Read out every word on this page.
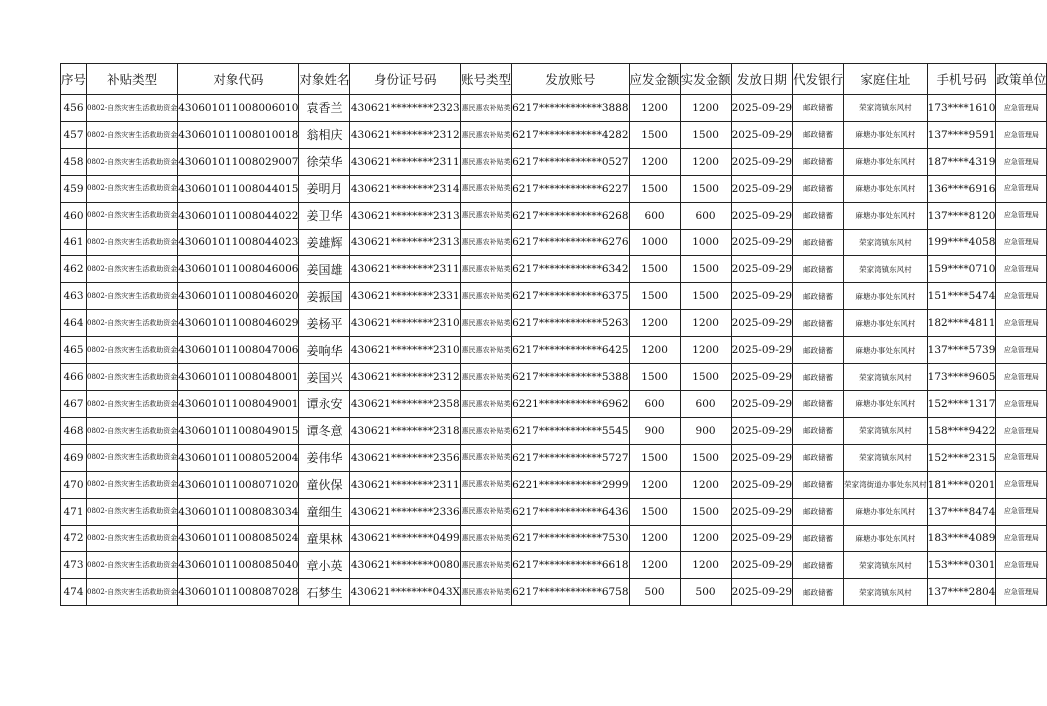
序号	补贴类型	对象代码	对象姓名	身份证号码	账号类型	发放账号	应发金额	实发金额	发放日期	代发银行	家庭住址	手机号码	政策单位
456	0802-自然灾害生活救助资金	430601011008006010	袁香兰	430621********2323	惠民惠农补贴类	6217************3888	1200	1200	2025-09-29	邮政储蓄	荣家湾镇东风村	173****1610	应急管理局
457	0802-自然灾害生活救助资金	430601011008010018	翁相庆	430621********2312	惠民惠农补贴类	6217************4282	1500	1500	2025-09-29	邮政储蓄	麻塘办事处东风村	137****9591	应急管理局
458	0802-自然灾害生活救助资金	430601011008029007	徐荣华	430621********2311	惠民惠农补贴类	6217************0527	1200	1200	2025-09-29	邮政储蓄	麻塘办事处东风村	187****4319	应急管理局
459	0802-自然灾害生活救助资金	430601011008044015	姜明月	430621********2314	惠民惠农补贴类	6217************6227	1500	1500	2025-09-29	邮政储蓄	麻塘办事处东风村	136****6916	应急管理局
460	0802-自然灾害生活救助资金	430601011008044022	姜卫华	430621********2313	惠民惠农补贴类	6217************6268	600	600	2025-09-29	邮政储蓄	麻塘办事处东风村	137****8120	应急管理局
461	0802-自然灾害生活救助资金	430601011008044023	姜雄辉	430621********2313	惠民惠农补贴类	6217************6276	1000	1000	2025-09-29	邮政储蓄	荣家湾镇东风村	199****4058	应急管理局
462	0802-自然灾害生活救助资金	430601011008046006	姜国雄	430621********2311	惠民惠农补贴类	6217************6342	1500	1500	2025-09-29	邮政储蓄	荣家湾镇东风村	159****0710	应急管理局
463	0802-自然灾害生活救助资金	430601011008046020	姜振国	430621********2331	惠民惠农补贴类	6217************6375	1500	1500	2025-09-29	邮政储蓄	麻塘办事处东风村	151****5474	应急管理局
464	0802-自然灾害生活救助资金	430601011008046029	姜杨平	430621********2310	惠民惠农补贴类	6217************5263	1200	1200	2025-09-29	邮政储蓄	麻塘办事处东风村	182****4811	应急管理局
465	0802-自然灾害生活救助资金	430601011008047006	姜响华	430621********2310	惠民惠农补贴类	6217************6425	1200	1200	2025-09-29	邮政储蓄	麻塘办事处东风村	137****5739	应急管理局
466	0802-自然灾害生活救助资金	430601011008048001	姜国兴	430621********2312	惠民惠农补贴类	6217************5388	1500	1500	2025-09-29	邮政储蓄	荣家湾镇东风村	173****9605	应急管理局
467	0802-自然灾害生活救助资金	430601011008049001	谭永安	430621********2358	惠民惠农补贴类	6221************6962	600	600	2025-09-29	邮政储蓄	麻塘办事处东风村	152****1317	应急管理局
468	0802-自然灾害生活救助资金	430601011008049015	谭冬意	430621********2318	惠民惠农补贴类	6217************5545	900	900	2025-09-29	邮政储蓄	荣家湾镇东风村	158****9422	应急管理局
469	0802-自然灾害生活救助资金	430601011008052004	姜伟华	430621********2356	惠民惠农补贴类	6217************5727	1500	1500	2025-09-29	邮政储蓄	荣家湾镇东风村	152****2315	应急管理局
470	0802-自然灾害生活救助资金	430601011008071020	童伙保	430621********2311	惠民惠农补贴类	6221************2999	1200	1200	2025-09-29	邮政储蓄	荣家湾街道办事处东风村	181****0201	应急管理局
471	0802-自然灾害生活救助资金	430601011008083034	童细生	430621********2336	惠民惠农补贴类	6217************6436	1500	1500	2025-09-29	邮政储蓄	麻塘办事处东风村	137****8474	应急管理局
472	0802-自然灾害生活救助资金	430601011008085024	童果林	430621********0499	惠民惠农补贴类	6217************7530	1200	1200	2025-09-29	邮政储蓄	麻塘办事处东风村	183****4089	应急管理局
473	0802-自然灾害生活救助资金	430601011008085040	章小英	430621********0080	惠民惠农补贴类	6217************6618	1200	1200	2025-09-29	邮政储蓄	荣家湾镇东风村	153****0301	应急管理局
474	0802-自然灾害生活救助资金	430601011008087028	石梦生	430621********043X	惠民惠农补贴类	6217************6758	500	500	2025-09-29	邮政储蓄	荣家湾镇东风村	137****2804	应急管理局
